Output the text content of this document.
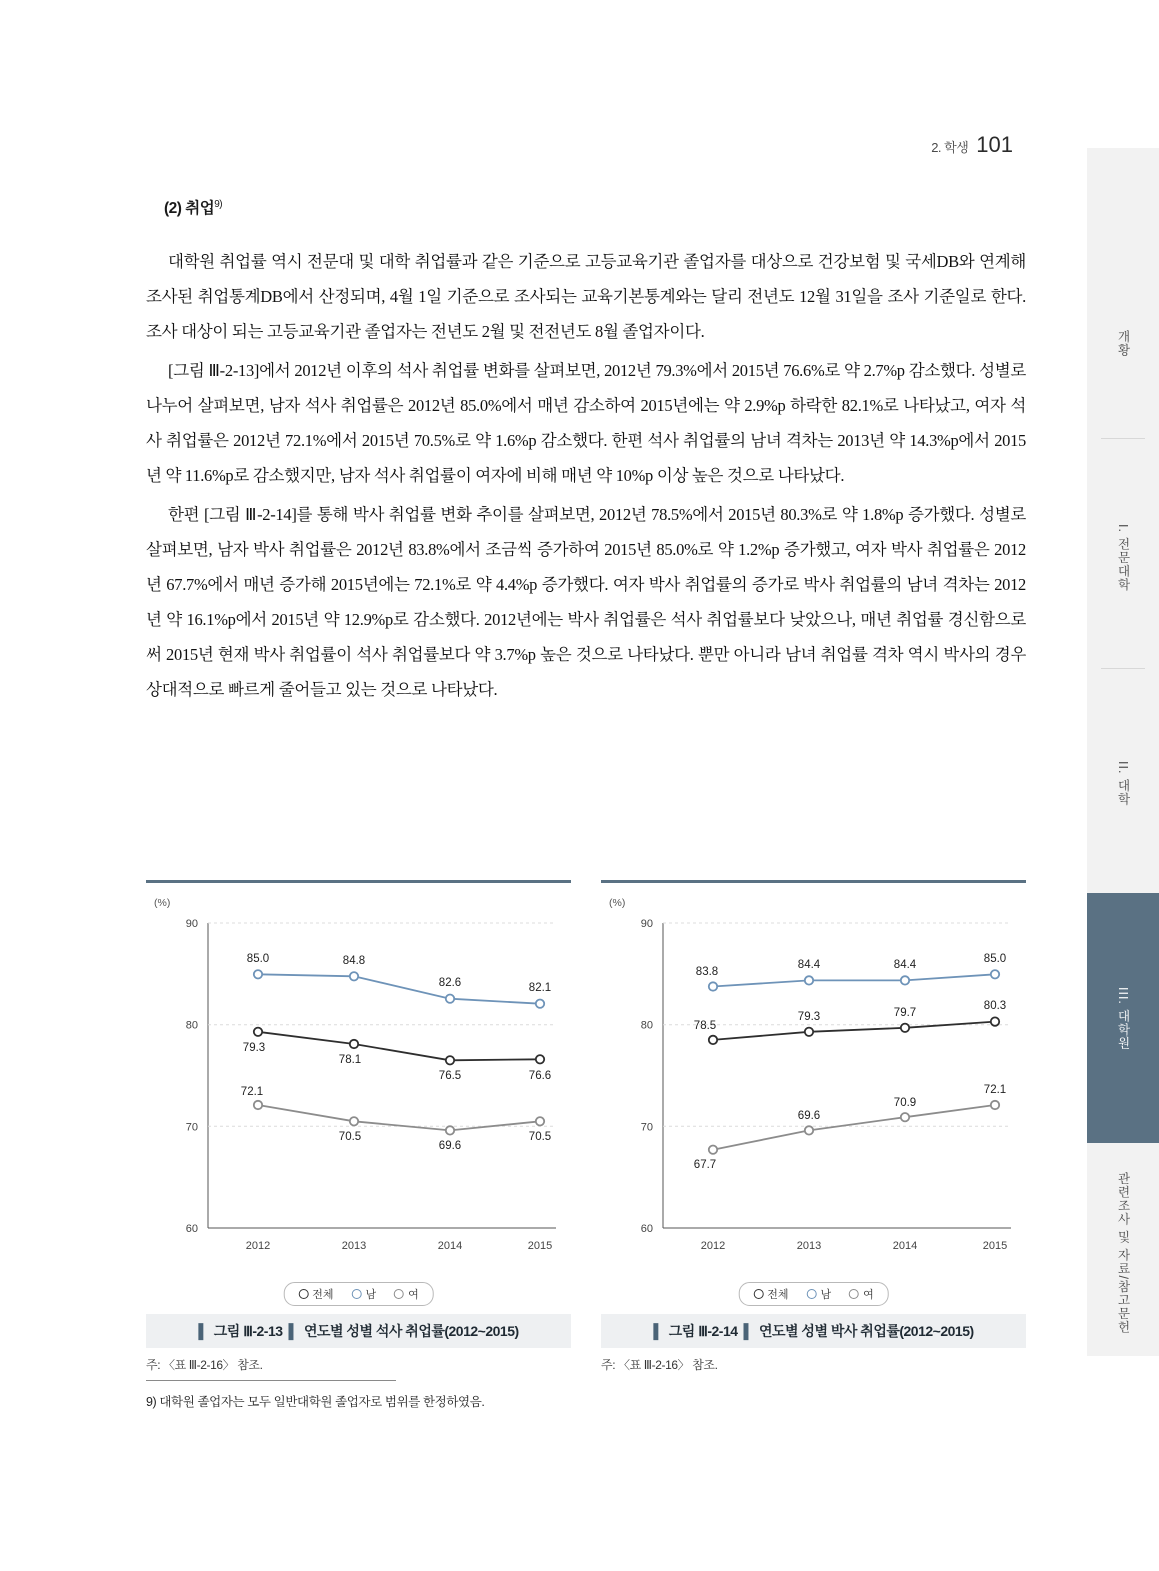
2. 학생 101
개황
I. 전문대학
II. 대학
III. 대학원
관련조사 및 자료/참고문헌
(2) 취업$^{9)}$

대학원 취업률 역시 전문대 및 대학 취업률과 같은 기준으로 고등교육기관 졸업자를 대상으로 건강보험 및 국세DB와 연계해 조사된 취업통계DB에서 산정되며, 4월 1일 기준으로 조사되는 교육기본통계와는 달리 전년도 12월 31일을 조사 기준일로 한다. 조사 대상이 되는 고등교육기관 졸업자는 전년도 2월 및 전전년도 8월 졸업자이다.

[그림 Ⅲ-2-13]에서 2012년 이후의 석사 취업률 변화를 살펴보면, 2012년 79.3%에서 2015년 76.6%로 약 2.7%p 감소했다. 성별로 나누어 살펴보면, 남자 석사 취업률은 2012년 85.0%에서 매년 감소하여 2015년에는 약 2.9%p 하락한 82.1%로 나타났고, 여자 석사 취업률은 2012년 72.1%에서 2015년 70.5%로 약 1.6%p 감소했다. 한편 석사 취업률의 남녀 격차는 2013년 약 14.3%p에서 2015년 약 11.6%p로 감소했지만, 남자 석사 취업률이 여자에 비해 매년 약 10%p 이상 높은 것으로 나타났다.

한편 [그림 Ⅲ-2-14]를 통해 박사 취업률 변화 추이를 살펴보면, 2012년 78.5%에서 2015년 80.3%로 약 1.8%p 증가했다. 성별로 살펴보면, 남자 박사 취업률은 2012년 83.8%에서 조금씩 증가하여 2015년 85.0%로 약 1.2%p 증가했고, 여자 박사 취업률은 2012년 67.7%에서 매년 증가해 2015년에는 72.1%로 약 4.4%p 증가했다. 여자 박사 취업률의 증가로 박사 취업률의 남녀 격차는 2012년 약 16.1%p에서 2015년 약 12.9%p로 감소했다. 2012년에는 박사 취업률은 석사 취업률보다 낮았으나, 매년 취업률 경신함으로써 2015년 현재 박사 취업률이 석사 취업률보다 약 3.7%p 높은 것으로 나타났다. 뿐만 아니라 남녀 취업률 격차 역시 박사의 경우 상대적으로 빠르게 줄어들고 있는 것으로 나타났다.

(%)
90
80
70
60
2012	2013	2014	2015
85.0	84.8
82.6	82.1
79.3
78.1
76.5	76.6
72.1
70.5
69.6
70.5
전체	남	여
▌ 그림 Ⅲ-2-13 ▌ 연도별 성별 석사 취업률(2012~2015)
주: 〈표 Ⅲ-2-16〉 참조.
(%)
90
80
70
60
2012	2013	2014	2015
83.8
84.4	84.4	85.0
78.5
79.3	79.7
80.3
67.7
69.6
70.9
72.1
전체	남	여
▌ 그림 Ⅲ-2-14 ▌ 연도별 성별 박사 취업률(2012~2015)
주: 〈표 Ⅲ-2-16〉 참조.
9) 대학원 졸업자는 모두 일반대학원 졸업자로 범위를 한정하였음.
